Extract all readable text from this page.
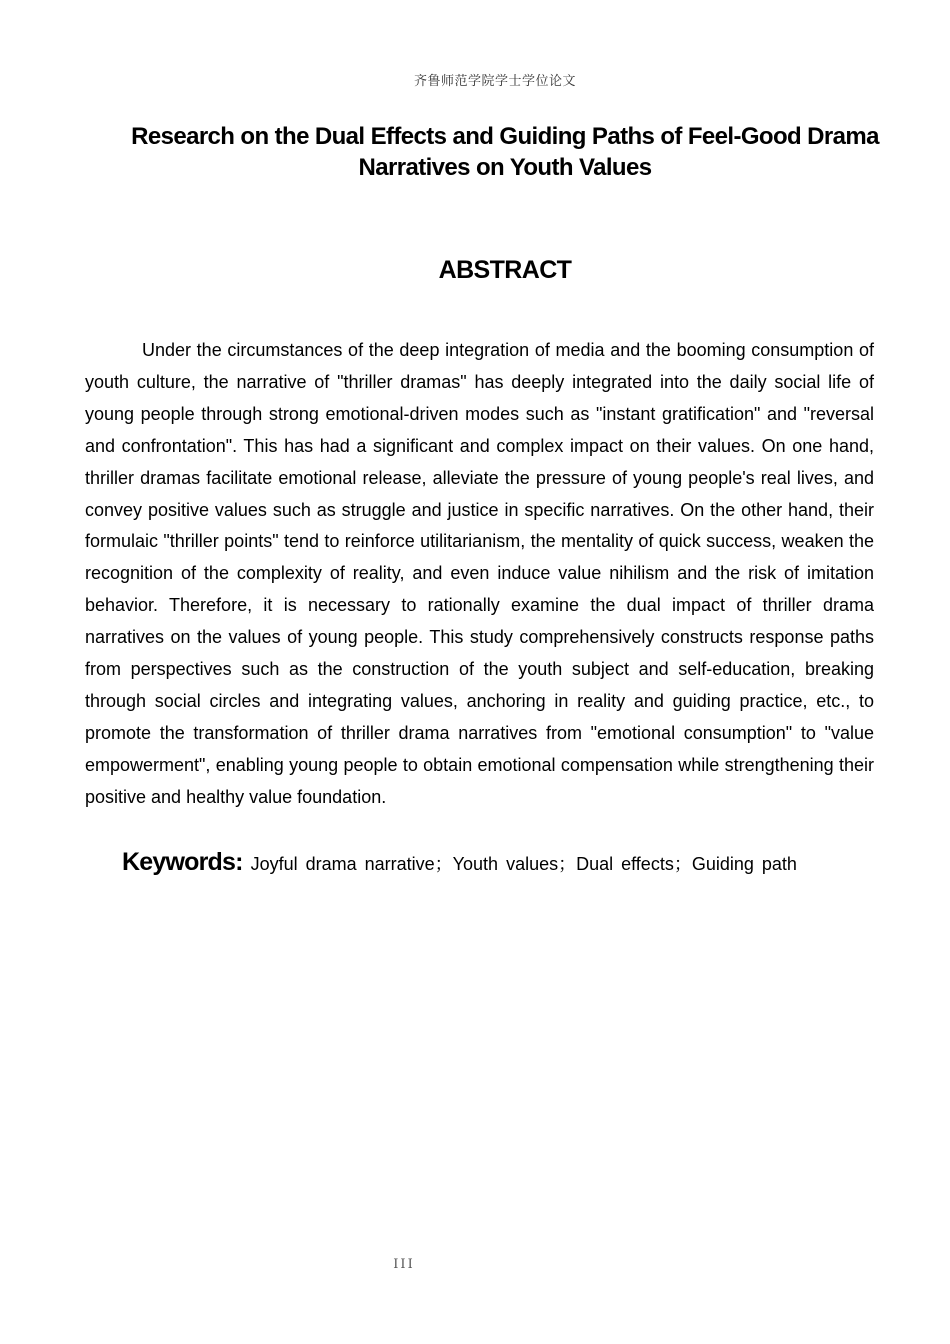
齐鲁师范学院学士学位论文
Research on the Dual Effects and Guiding Paths of Feel-Good Drama Narratives on Youth Values
ABSTRACT

Under the circumstances of the deep integration of media and the booming consumption of youth culture, the narrative of "thriller dramas" has deeply integrated into the daily social life of young people through strong emotional-driven modes such as "instant gratification" and "reversal and confrontation". This has had a significant and complex impact on their values. On one hand, thriller dramas facilitate emotional release, alleviate the pressure of young people's real lives, and convey positive values such as struggle and justice in specific narratives. On the other hand, their formulaic "thriller points" tend to reinforce utilitarianism, the mentality of quick success, weaken the recognition of the complexity of reality, and even induce value nihilism and the risk of imitation behavior. Therefore, it is necessary to rationally examine the dual impact of thriller drama narratives on the values of young people. This study comprehensively constructs response paths from perspectives such as the construction of the youth subject and self-education, breaking through social circles and integrating values, anchoring in reality and guiding practice, etc., to promote the transformation of thriller drama narratives from "emotional consumption" to "value empowerment", enabling young people to obtain emotional compensation while strengthening their positive and healthy value foundation.

Keywords: Joyful drama narrative；Youth values；Dual effects；Guiding path
III
